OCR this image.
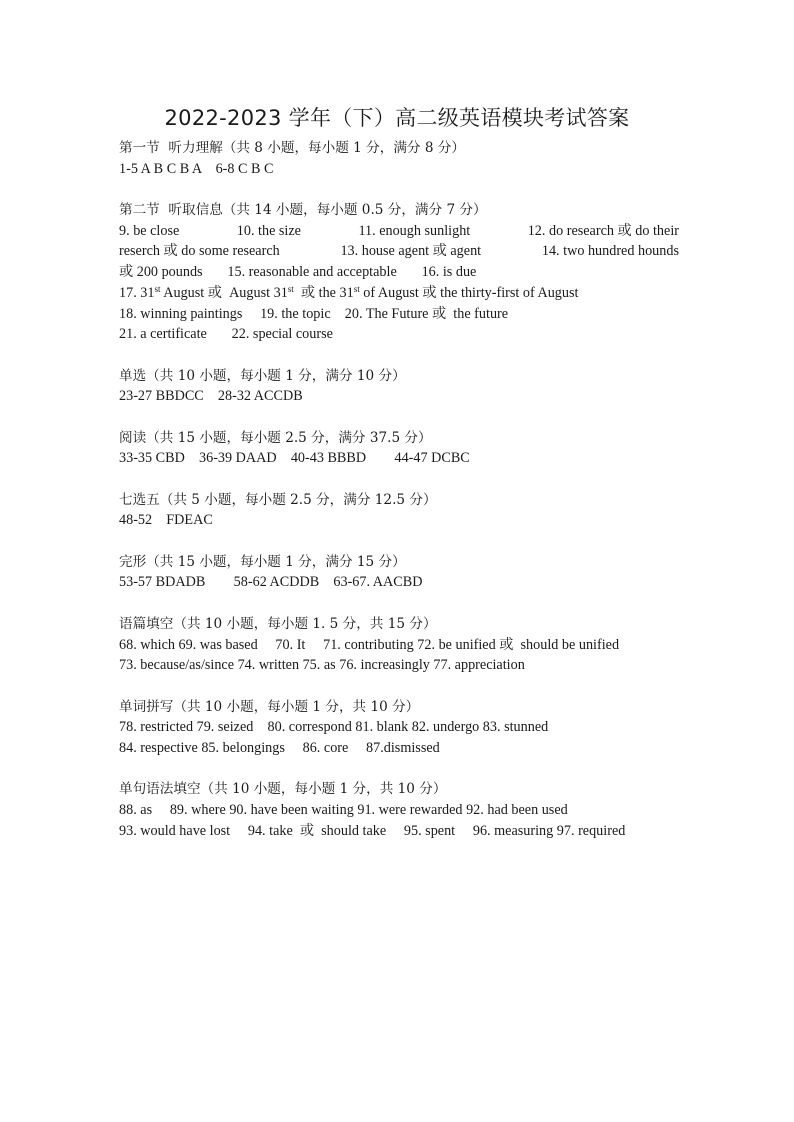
2022-2023 学年（下）高二级英语模块考试答案
第一节  听力理解（共 8 小题，每小题 1 分，满分 8 分）
1-5 A B C B A    6-8 C B C
第二节  听取信息（共 14 小题，每小题 0.5 分，满分 7 分）
9. be close	10. the size	11. enough sunlight	12. do research 或 do their
reserch 或 do some research	13. house agent 或 agent	14. two hundred hounds
或 200 pounds       15. reasonable and acceptable       16. is due
17. 31st August 或  August 31st  或 the 31st of August 或 the thirty-first of August
18. winning paintings     19. the topic    20. The Future 或  the future
21. a certificate       22. special course
单选（共 10 小题，每小题 1 分，满分 10 分）
23-27 BBDCC    28-32 ACCDB
阅读（共 15 小题，每小题 2.5 分，满分 37.5 分）
33-35 CBD    36-39 DAAD    40-43 BBBD        44-47 DCBC
七选五（共 5 小题，每小题 2.5 分，满分 12.5 分）
48-52    FDEAC
完形（共 15 小题，每小题 1 分，满分 15 分）
53-57 BDADB        58-62 ACDDB    63-67. AACBD
语篇填空（共 10 小题，每小题 1. 5 分，共 15 分）
68. which 69. was based     70. It     71. contributing 72. be unified 或  should be unified
73. because/as/since 74. written 75. as 76. increasingly 77. appreciation
单词拼写（共 10 小题，每小题 1 分，共 10 分）
78. restricted 79. seized    80. correspond 81. blank 82. undergo 83. stunned
84. respective 85. belongings     86. core     87.dismissed
单句语法填空（共 10 小题，每小题 1 分，共 10 分）
88. as     89. where 90. have been waiting 91. were rewarded 92. had been used
93. would have lost     94. take  或  should take     95. spent     96. measuring 97. required
